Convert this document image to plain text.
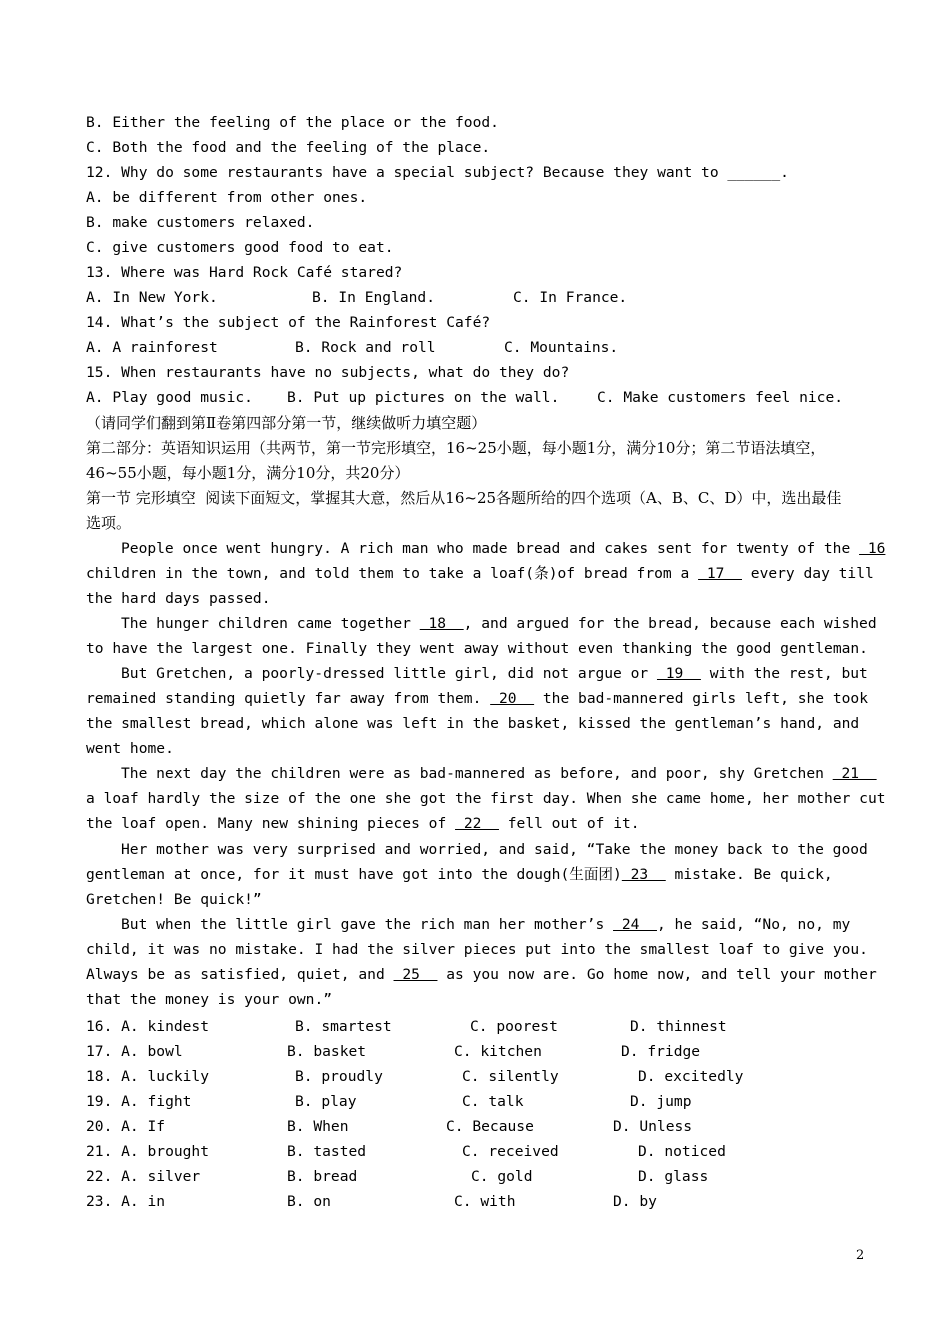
B. Either the feeling of the place or the food.
C. Both the food and the feeling of the place.
12. Why do some restaurants have a special subject? Because they want to ______.
A. be different from other ones.
B. make customers relaxed.
C. give customers good food to eat.
13. Where was Hard Rock Café stared?
A. In New York.	B. In England.	C. In France.
14. What’s the subject of the Rainforest Café?
A. A rainforest	B. Rock and roll	C. Mountains.
15. When restaurants have no subjects, what do they do?
A. Play good music. B. Put up pictures on the wall.	C. Make customers feel nice.
（请同学们翻到第Ⅱ卷第四部分第一节，继续做听力填空题）
第二部分：英语知识运用（共两节，第一节完形填空，16~25小题，每小题1分，满分10分；第二节语法填空，
46~55小题，每小题1分，满分10分，共20分）
第一节 完形填空  阅读下面短文，掌握其大意，然后从16~25各题所给的四个选项（A、B、C、D）中，选出最佳
选项。
People once went hungry. A rich man who made bread and cakes sent for twenty of the  16
children in the town, and told them to take a loaf(条)of bread from a  17   every day till
the hard days passed.
The hunger children came together  18  , and argued for the bread, because each wished
to have the largest one. Finally they went away without even thanking the good gentleman.
But Gretchen, a poorly-dressed little girl, did not argue or  19   with the rest, but
remained standing quietly far away from them.  20   the bad-mannered girls left, she took
the smallest bread, which alone was left in the basket, kissed the gentleman’s hand, and
went home.
The next day the children were as bad-mannered as before, and poor, shy Gretchen  21
a loaf hardly the size of the one she got the first day. When she came home, her mother cut
the loaf open. Many new shining pieces of  22   fell out of it.
Her mother was very surprised and worried, and said, “Take the money back to the good
gentleman at once, for it must have got into the dough(生面团) 23   mistake. Be quick,
Gretchen! Be quick!”
But when the little girl gave the rich man her mother’s  24  , he said, “No, no, my
child, it was no mistake. I had the silver pieces put into the smallest loaf to give you.
Always be as satisfied, quiet, and  25   as you now are. Go home now, and tell your mother
that the money is your own.”
16. A. kindest	B. smartest	C. poorest	D. thinnest
17. A. bowl	B. basket	C. kitchen	D. fridge
18. A. luckily	B. proudly	C. silently	D. excitedly
19. A. fight	B. play	C. talk	D. jump
20. A. If	B. When	C. Because	D. Unless
21. A. brought	B. tasted	C. received	D. noticed
22. A. silver	B. bread	C. gold	D. glass
23. A. in	B. on	C. with	D. by
2
